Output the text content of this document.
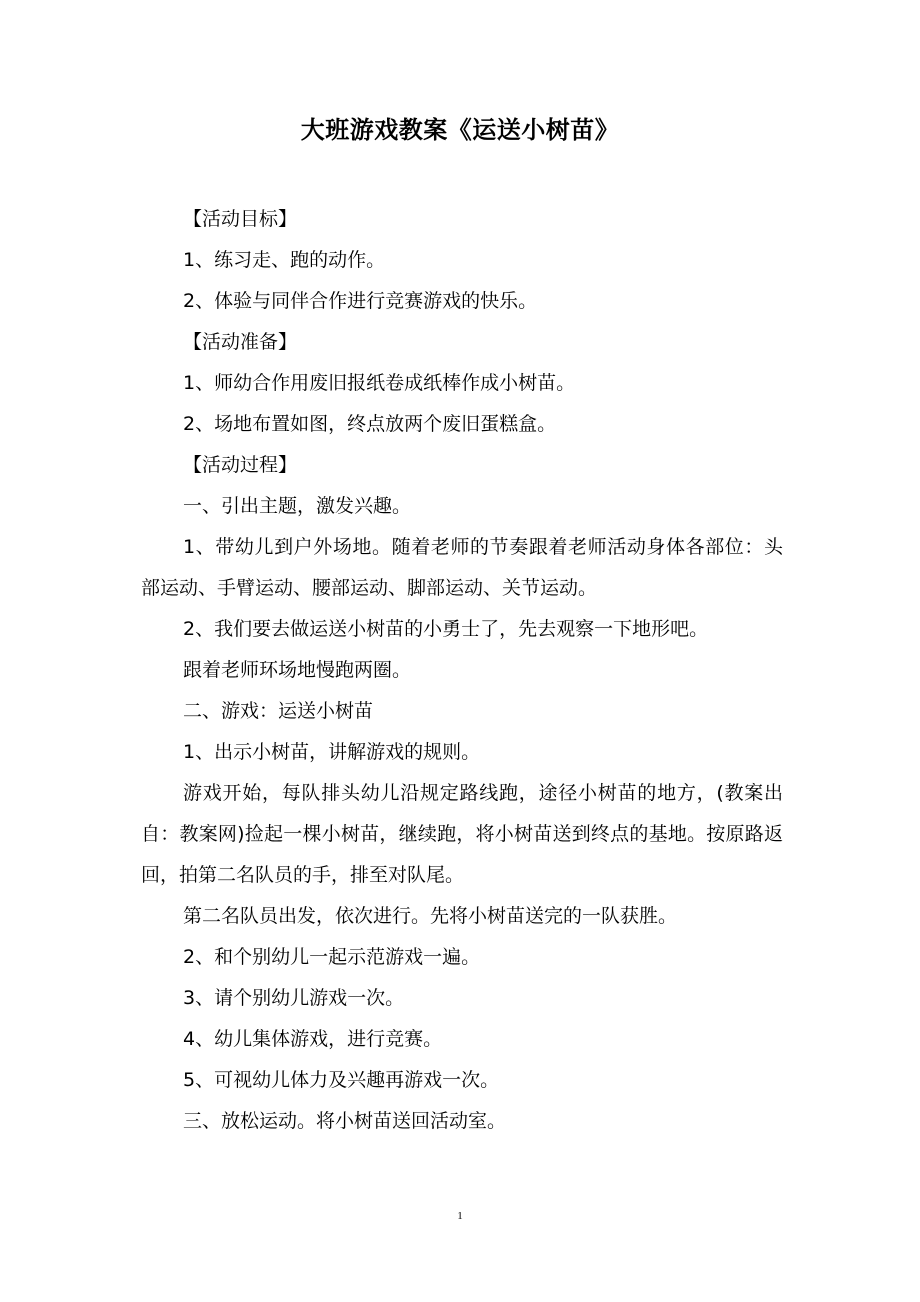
大班游戏教案《运送小树苗》

【活动目标】

1、练习走、跑的动作。

2、体验与同伴合作进行竞赛游戏的快乐。

【活动准备】

1、师幼合作用废旧报纸卷成纸棒作成小树苗。

2、场地布置如图，终点放两个废旧蛋糕盒。

【活动过程】

一、引出主题，激发兴趣。

1、带幼儿到户外场地。随着老师的节奏跟着老师活动身体各部位：头部运动、手臂运动、腰部运动、脚部运动、关节运动。

2、我们要去做运送小树苗的小勇士了，先去观察一下地形吧。

跟着老师环场地慢跑两圈。

二、游戏：运送小树苗

1、出示小树苗，讲解游戏的规则。

游戏开始，每队排头幼儿沿规定路线跑，途径小树苗的地方，(教案出自：教案网)捡起一棵小树苗，继续跑，将小树苗送到终点的基地。按原路返回，拍第二名队员的手，排至对队尾。

第二名队员出发，依次进行。先将小树苗送完的一队获胜。

2、和个别幼儿一起示范游戏一遍。

3、请个别幼儿游戏一次。

4、幼儿集体游戏，进行竞赛。

5、可视幼儿体力及兴趣再游戏一次。

三、放松运动。将小树苗送回活动室。

1
